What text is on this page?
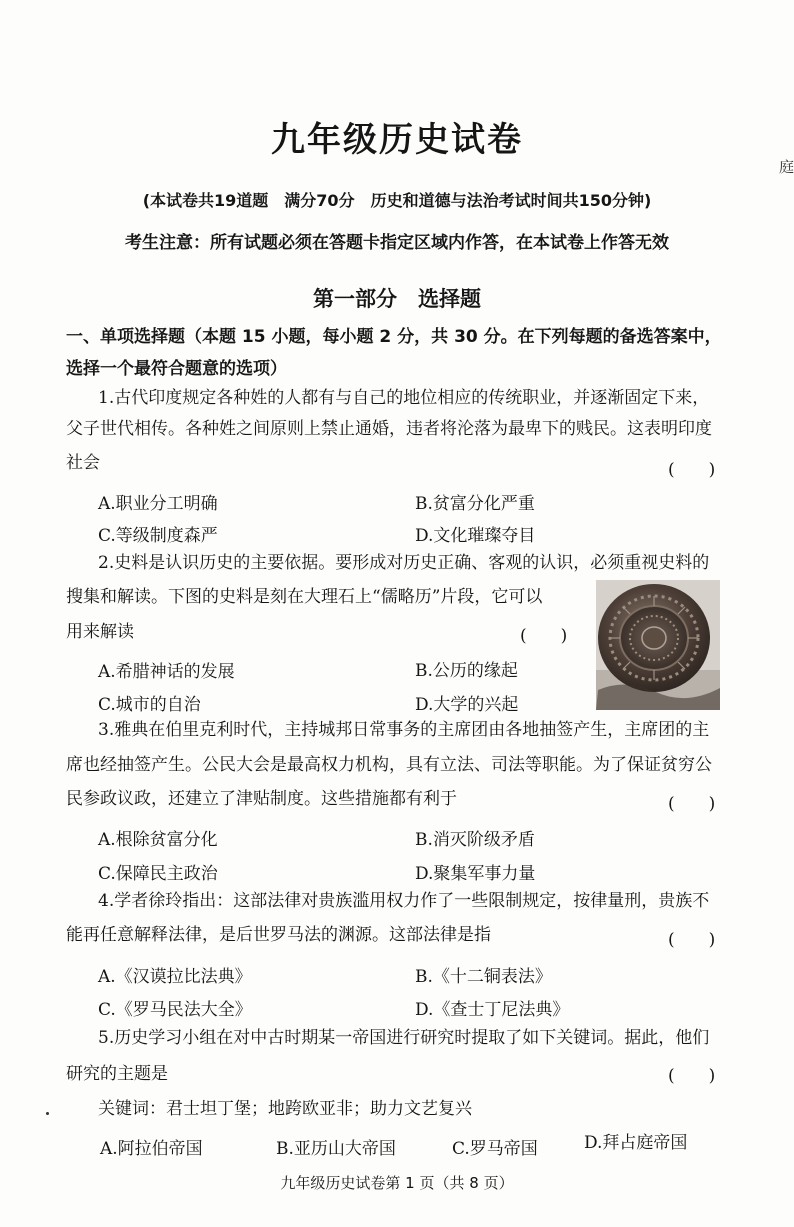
九年级历史试卷
庭
(本试卷共19道题　满分70分　历史和道德与法治考试时间共150分钟)
考生注意：所有试题必须在答题卡指定区域内作答，在本试卷上作答无效
第一部分　选择题
一、单项选择题（本题 15 小题，每小题 2 分，共 30 分。在下列每题的备选答案中，
选择一个最符合题意的选项）
1.古代印度规定各种姓的人都有与自己的地位相应的传统职业，并逐渐固定下来，
父子世代相传。各种姓之间原则上禁止通婚，违者将沦落为最卑下的贱民。这表明印度
社会	(　　)
A.职业分工明确	B.贫富分化严重
C.等级制度森严	D.文化璀璨夺目
2.史料是认识历史的主要依据。要形成对历史正确、客观的认识，必须重视史料的
搜集和解读。下图的史料是刻在大理石上“儒略历”片段，它可以
用来解读	(　　)
A.希腊神话的发展	B.公历的缘起
C.城市的自治	D.大学的兴起
3.雅典在伯里克利时代，主持城邦日常事务的主席团由各地抽签产生，主席团的主
席也经抽签产生。公民大会是最高权力机构，具有立法、司法等职能。为了保证贫穷公
民参政议政，还建立了津贴制度。这些措施都有利于	(　　)
A.根除贫富分化	B.消灭阶级矛盾
C.保障民主政治	D.聚集军事力量
4.学者徐玲指出：这部法律对贵族滥用权力作了一些限制规定，按律量刑，贵族不
能再任意解释法律，是后世罗马法的渊源。这部法律是指	(　　)
A.《汉谟拉比法典》	B.《十二铜表法》
C.《罗马民法大全》	D.《查士丁尼法典》
5.历史学习小组在对中古时期某一帝国进行研究时提取了如下关键词。据此，他们
研究的主题是	(　　)
关键词：君士坦丁堡；地跨欧亚非；助力文艺复兴
A.阿拉伯帝国	B.亚历山大帝国	C.罗马帝国	D.拜占庭帝国
九年级历史试卷第 1 页（共 8 页）
